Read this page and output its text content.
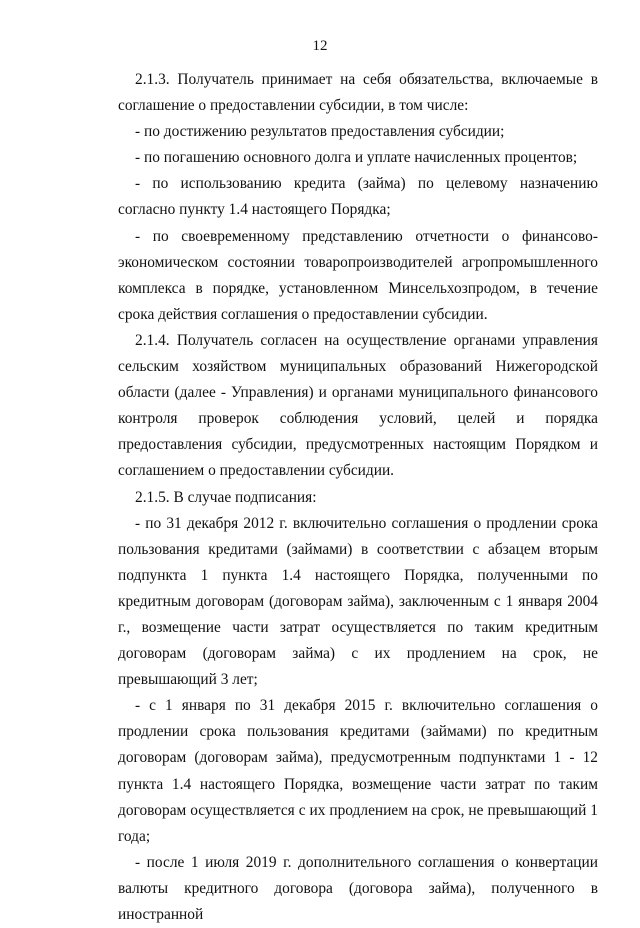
12

2.1.3. Получатель принимает на себя обязательства, включаемые в соглашение о предоставлении субсидии, в том числе:

- по достижению результатов предоставления субсидии;

- по погашению основного долга и уплате начисленных процентов;

- по использованию кредита (займа) по целевому назначению согласно пункту 1.4 настоящего Порядка;

- по своевременному представлению отчетности о финансово-экономическом состоянии товаропроизводителей агропромышленного комплекса в порядке, установленном Минсельхозпродом, в течение срока действия соглашения о предоставлении субсидии.

2.1.4. Получатель согласен на осуществление органами управления сельским хозяйством муниципальных образований Нижегородской области (далее - Управления) и органами муниципального финансового контроля проверок соблюдения условий, целей и порядка предоставления субсидии, предусмотренных настоящим Порядком и соглашением о предоставлении субсидии.

2.1.5. В случае подписания:

- по 31 декабря 2012 г. включительно соглашения о продлении срока пользования кредитами (займами) в соответствии с абзацем вторым подпункта 1 пункта 1.4 настоящего Порядка, полученными по кредитным договорам (договорам займа), заключенным с 1 января 2004 г., возмещение части затрат осуществляется по таким кредитным договорам (договорам займа) с их продлением на срок, не превышающий 3 лет;

- с 1 января по 31 декабря 2015 г. включительно соглашения о продлении срока пользования кредитами (займами) по кредитным договорам (договорам займа), предусмотренным подпунктами 1 - 12 пункта 1.4 настоящего Порядка, возмещение части затрат по таким договорам осуществляется с их продлением на срок, не превышающий 1 года;

- после 1 июля 2019 г. дополнительного соглашения о конвертации валюты кредитного договора (договора займа), полученного в иностранной
